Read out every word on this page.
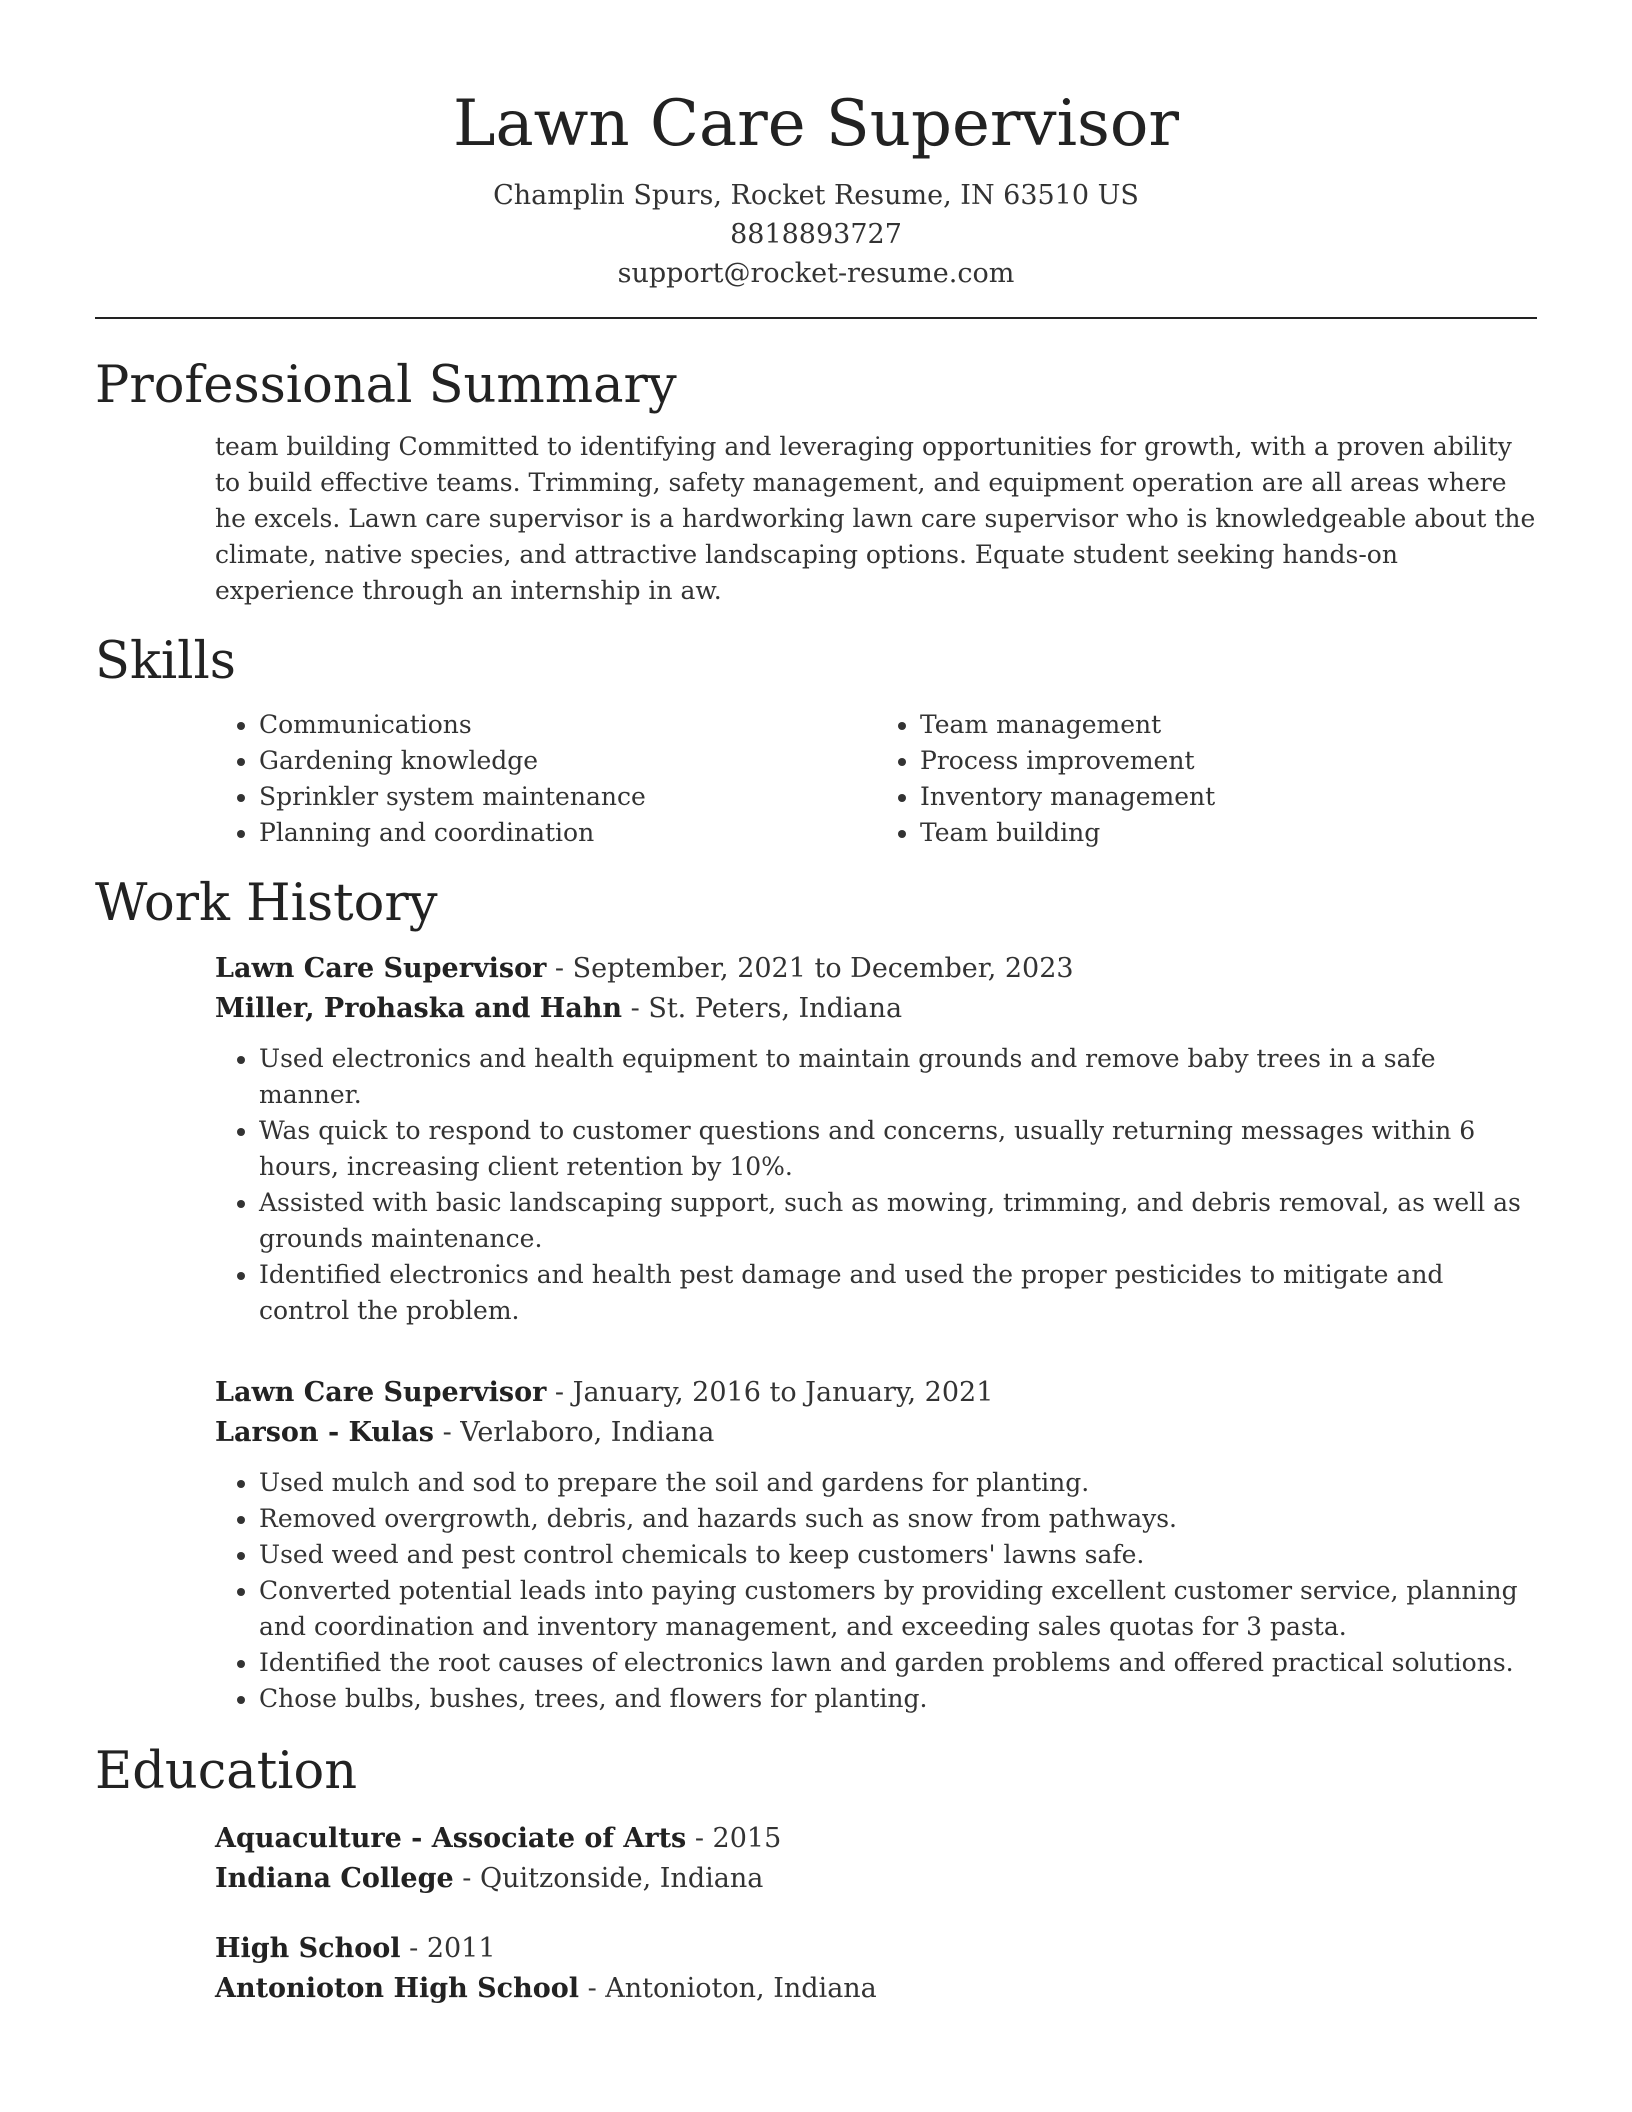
Lawn Care Supervisor
Champlin Spurs, Rocket Resume, IN 63510 US
8818893727
support@rocket-resume.com
Professional Summary

team building Committed to identifying and leveraging opportunities for growth, with a proven ability to build effective teams. Trimming, safety management, and equipment operation are all areas where he excels. Lawn care supervisor is a hardworking lawn care supervisor who is knowledgeable about the climate, native species, and attractive landscaping options. Equate student seeking hands-on experience through an internship in aw.

Skills
• Communications
• Gardening knowledge
• Sprinkler system maintenance
• Planning and coordination
• Team management
• Process improvement
• Inventory management
• Team building
Work History
Lawn Care Supervisor - September, 2021 to December, 2023
Miller, Prohaska and Hahn - St. Peters, Indiana
• Used electronics and health equipment to maintain grounds and remove baby trees in a safe manner.
• Was quick to respond to customer questions and concerns, usually returning messages within 6 hours, increasing client retention by 10%.
• Assisted with basic landscaping support, such as mowing, trimming, and debris removal, as well as grounds maintenance.
• Identified electronics and health pest damage and used the proper pesticides to mitigate and control the problem.
Lawn Care Supervisor - January, 2016 to January, 2021
Larson - Kulas - Verlaboro, Indiana
• Used mulch and sod to prepare the soil and gardens for planting.
• Removed overgrowth, debris, and hazards such as snow from pathways.
• Used weed and pest control chemicals to keep customers' lawns safe.
• Converted potential leads into paying customers by providing excellent customer service, planning and coordination and inventory management, and exceeding sales quotas for 3 pasta.
• Identified the root causes of electronics lawn and garden problems and offered practical solutions.
• Chose bulbs, bushes, trees, and flowers for planting.
Education
Aquaculture - Associate of Arts - 2015
Indiana College - Quitzonside, Indiana
High School - 2011
Antonioton High School - Antonioton, Indiana
